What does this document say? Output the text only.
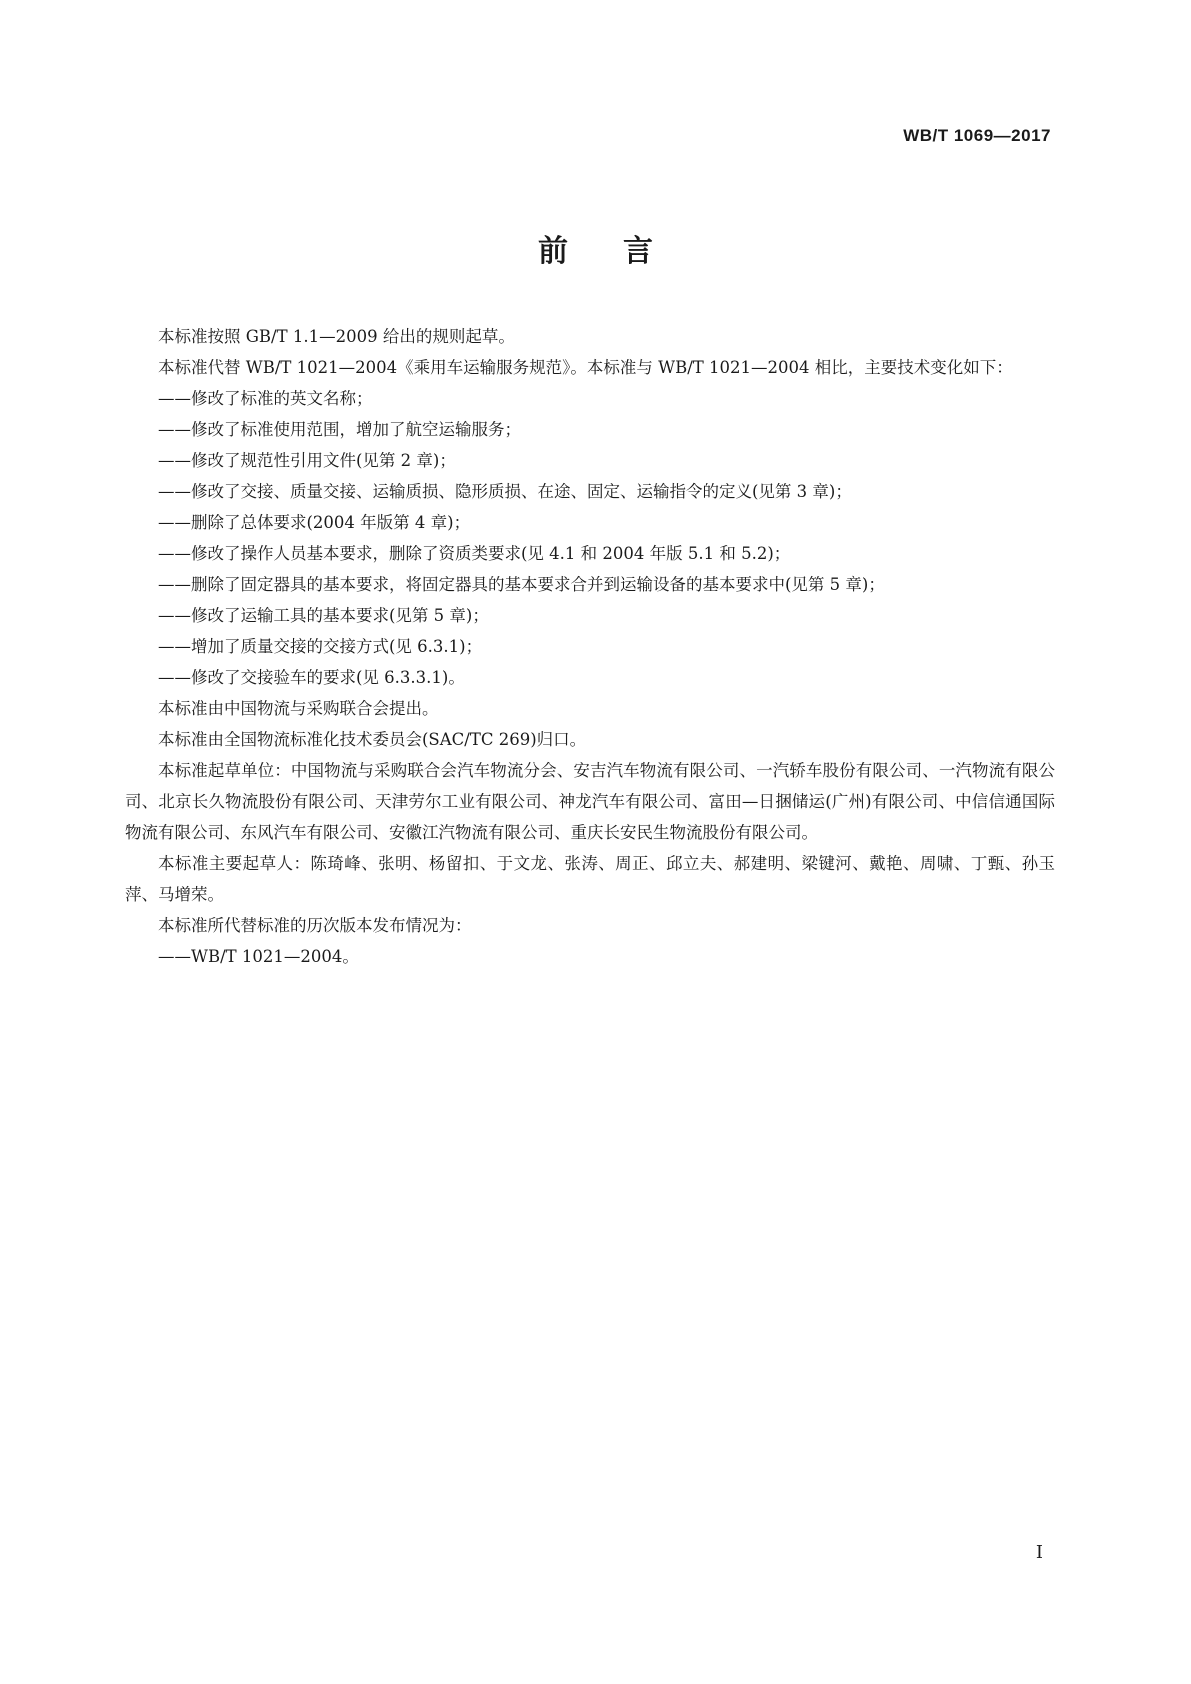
WB/T 1069—2017
前言

本标准按照 GB/T 1.1—2009 给出的规则起草。

本标准代替 WB/T 1021—2004《乘用车运输服务规范》。本标准与 WB/T 1021—2004 相比，主要技术变化如下：

——修改了标准的英文名称；

——修改了标准使用范围，增加了航空运输服务；

——修改了规范性引用文件(见第 2 章)；

——修改了交接、质量交接、运输质损、隐形质损、在途、固定、运输指令的定义(见第 3 章)；

——删除了总体要求(2004 年版第 4 章)；

——修改了操作人员基本要求，删除了资质类要求(见 4.1 和 2004 年版 5.1 和 5.2)；

——删除了固定器具的基本要求，将固定器具的基本要求合并到运输设备的基本要求中(见第 5 章)；

——修改了运输工具的基本要求(见第 5 章)；

——增加了质量交接的交接方式(见 6.3.1)；

——修改了交接验车的要求(见 6.3.3.1)。

本标准由中国物流与采购联合会提出。

本标准由全国物流标准化技术委员会(SAC/TC 269)归口。

本标准起草单位：中国物流与采购联合会汽车物流分会、安吉汽车物流有限公司、一汽轿车股份有限公司、一汽物流有限公司、北京长久物流股份有限公司、天津劳尔工业有限公司、神龙汽车有限公司、富田—日捆储运(广州)有限公司、中信信通国际物流有限公司、东风汽车有限公司、安徽江汽物流有限公司、重庆长安民生物流股份有限公司。

本标准主要起草人：陈琦峰、张明、杨留扣、于文龙、张涛、周正、邱立夫、郝建明、梁键河、戴艳、周啸、丁甄、孙玉萍、马增荣。

本标准所代替标准的历次版本发布情况为：

——WB/T 1021—2004。

I
